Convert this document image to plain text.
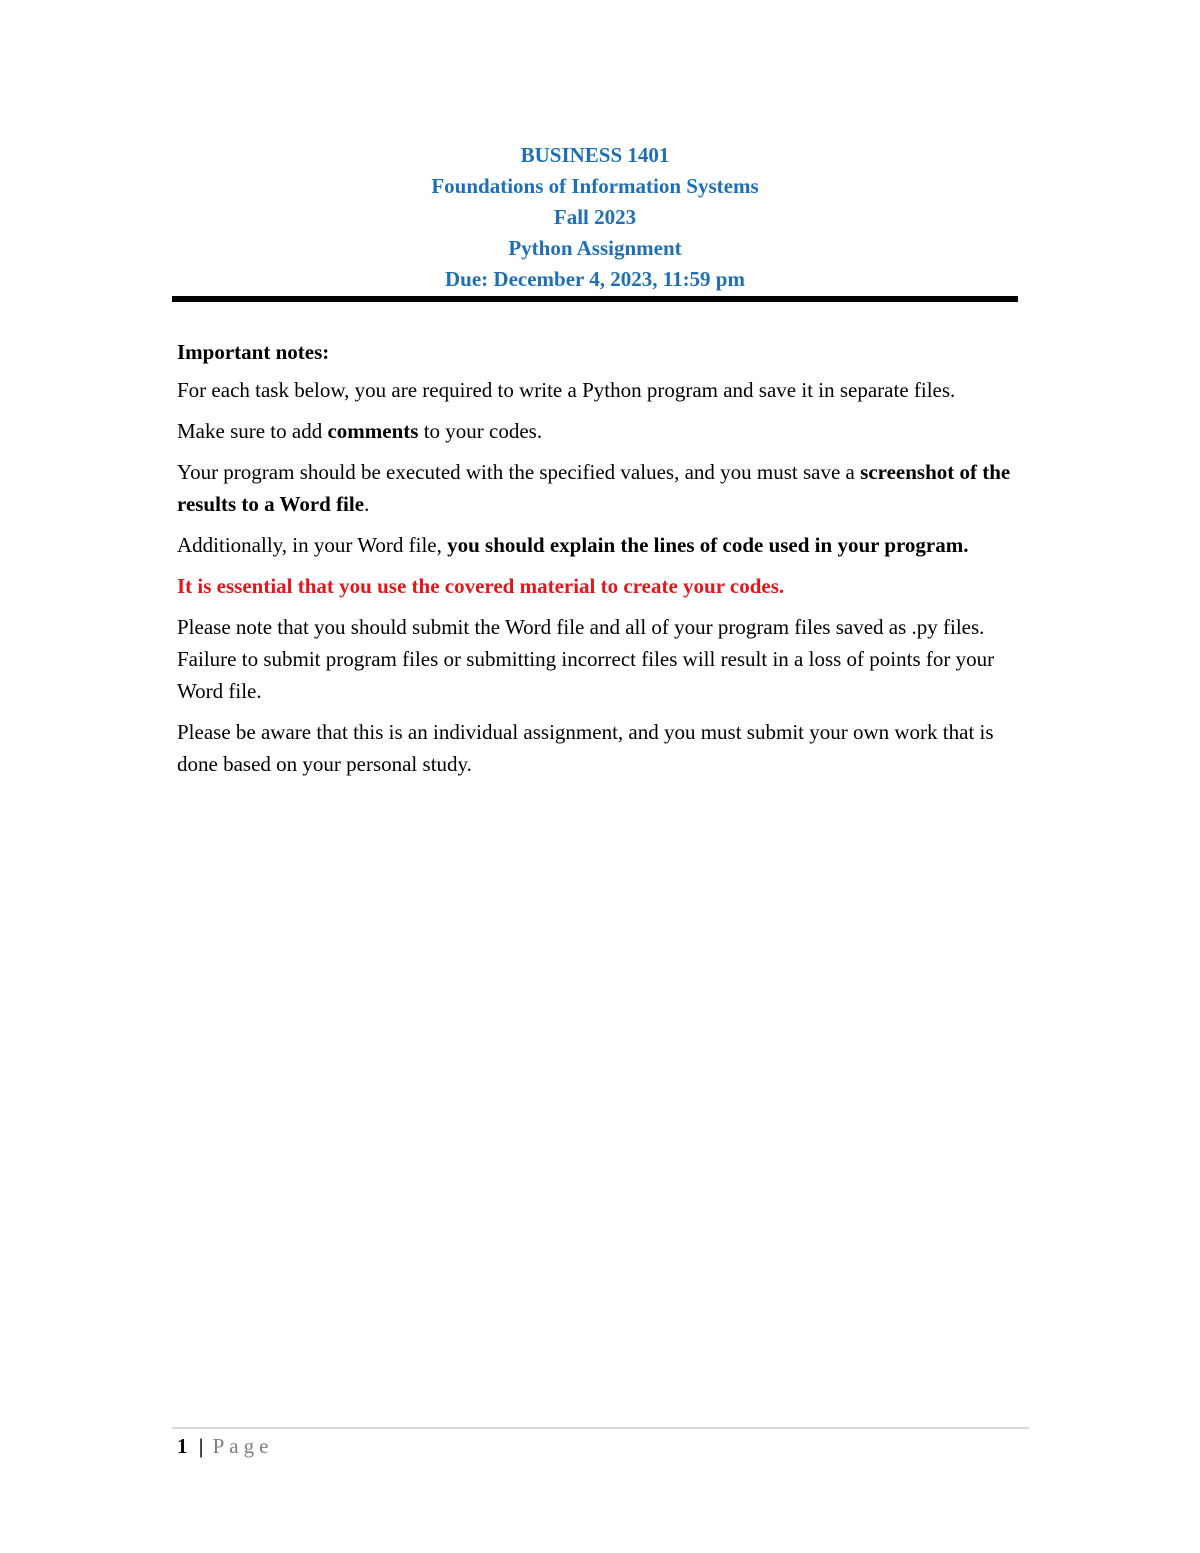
BUSINESS 1401
Foundations of Information Systems
Fall 2023
Python Assignment
Due: December 4, 2023, 11:59 pm

Important notes:

For each task below, you are required to write a Python program and save it in separate files.

Make sure to add comments to your codes.

Your program should be executed with the specified values, and you must save a screenshot of the results to a Word file.

Additionally, in your Word file, you should explain the lines of code used in your program.

It is essential that you use the covered material to create your codes.

Please note that you should submit the Word file and all of your program files saved as .py files. Failure to submit program files or submitting incorrect files will result in a loss of points for your Word file.

Please be aware that this is an individual assignment, and you must submit your own work that is done based on your personal study.

1 | Page
